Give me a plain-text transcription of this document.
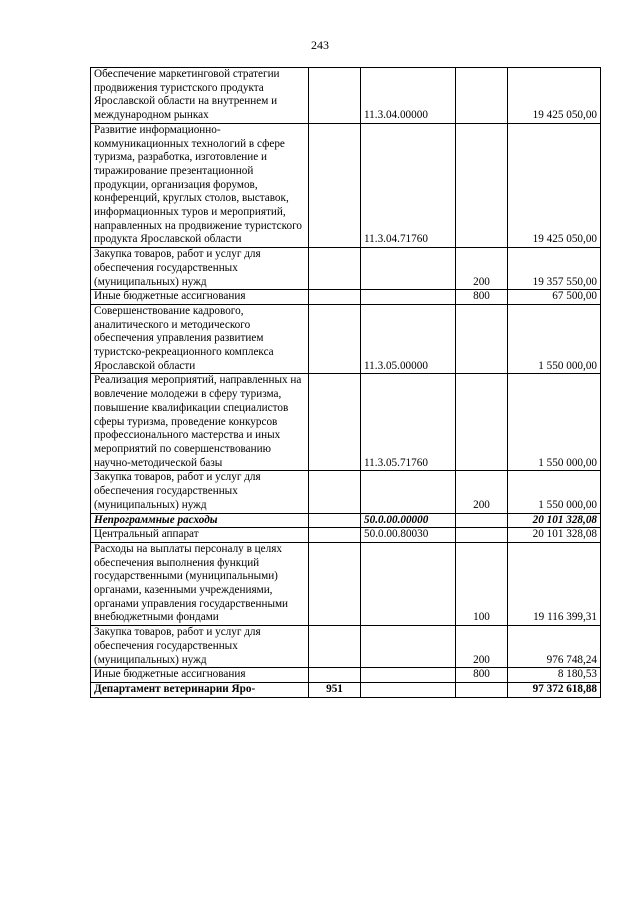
243
Обеспечение маркетинговой стратегии продвижения туристского продукта Ярославской области на внутреннем и международном рынках		11.3.04.00000		19 425 050,00
Развитие информационно-коммуникационных технологий в сфере туризма, разработка, изготовление и тиражирование презентационной продукции, организация форумов, конференций, круглых столов, выставок, информационных туров и мероприятий, направленных на продвижение туристского продукта Ярославской области		11.3.04.71760		19 425 050,00
Закупка товаров, работ и услуг для обеспечения государственных (муниципальных) нужд			200	19 357 550,00
Иные бюджетные ассигнования			800	67 500,00
Совершенствование кадрового, аналитического и методического обеспечения управления развитием туристско-рекреационного комплекса Ярославской области		11.3.05.00000		1 550 000,00
Реализация мероприятий, направленных на вовлечение молодежи в сферу туризма, повышение квалификации специалистов сферы туризма, проведение конкурсов профессионального мастерства и иных мероприятий по совершенствованию научно-методической базы		11.3.05.71760		1 550 000,00
Закупка товаров, работ и услуг для обеспечения государственных (муниципальных) нужд			200	1 550 000,00
Непрограммные расходы		50.0.00.00000		20 101 328,08
Центральный аппарат		50.0.00.80030		20 101 328,08
Расходы на выплаты персоналу в целях обеспечения выполнения функций государственными (муниципальными) органами, казенными учреждениями, органами управления государственными внебюджетными фондами			100	19 116 399,31
Закупка товаров, работ и услуг для обеспечения государственных (муниципальных) нужд			200	976 748,24
Иные бюджетные ассигнования			800	8 180,53
Департамент ветеринарии Яро-	951			97 372 618,88
